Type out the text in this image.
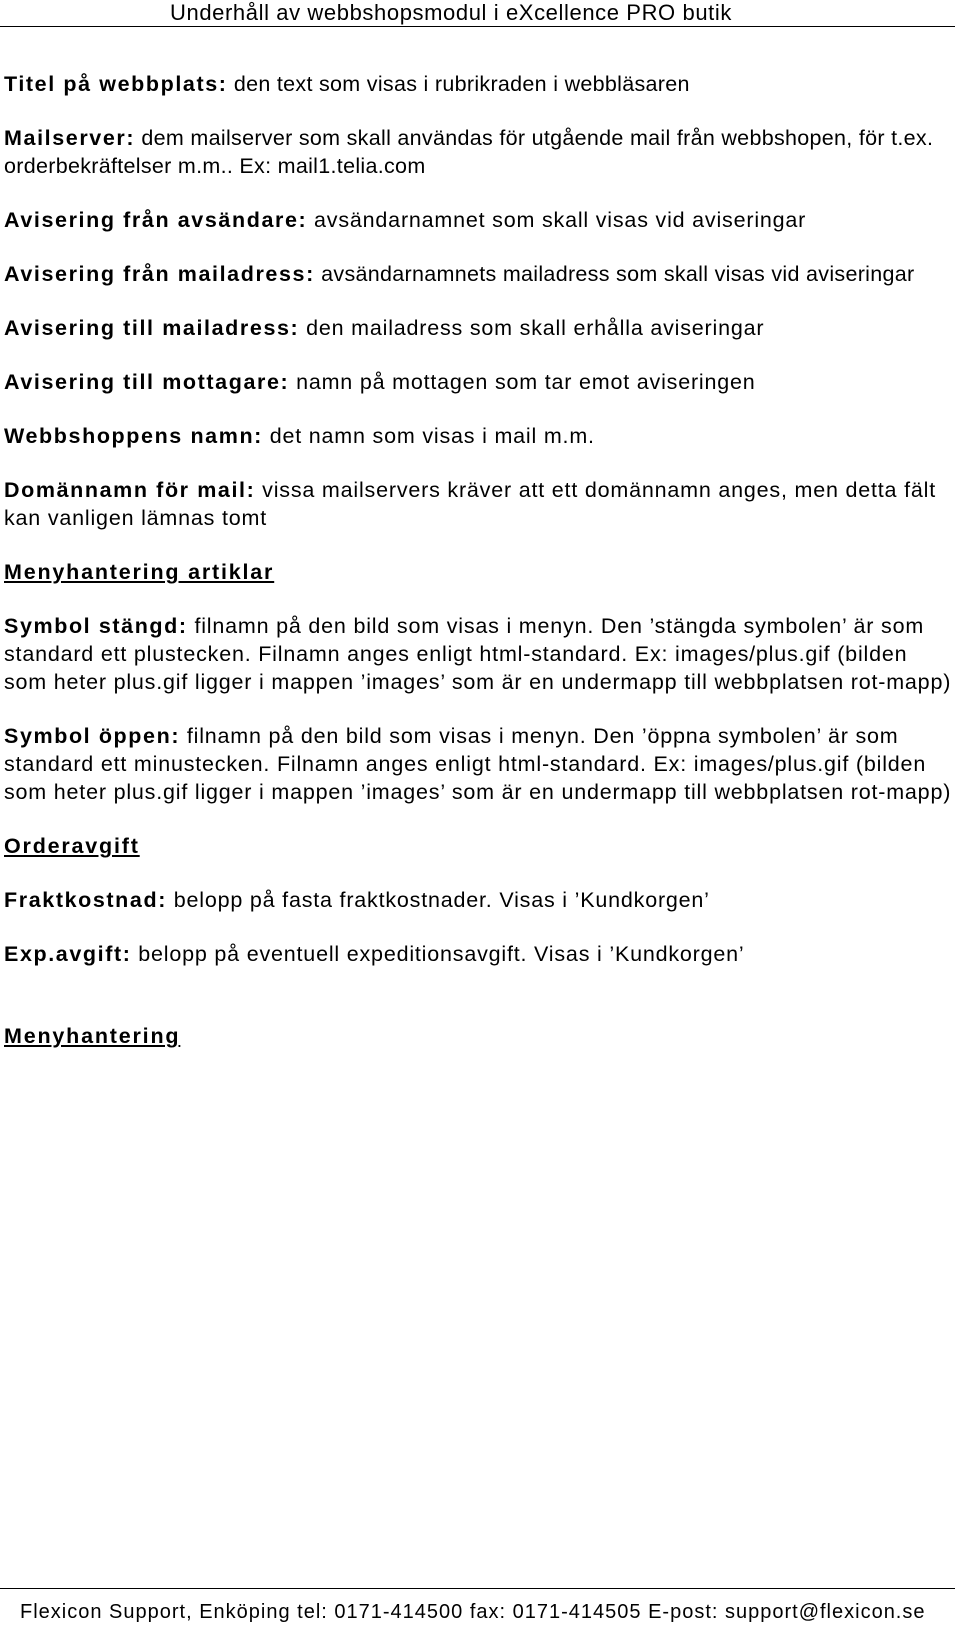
Underhåll av webbshopsmodul i eXcellence PRO butik

Titel på webbplats: den text som visas i rubrikraden i webbläsaren

Mailserver: dem mailserver som skall användas för utgående mail från webbshopen, för t.ex. orderbekräftelser m.m.. Ex: mail1.telia.com

Avisering från avsändare: avsändarnamnet som skall visas vid aviseringar

Avisering från mailadress: avsändarnamnets mailadress som skall visas vid aviseringar

Avisering till mailadress: den mailadress som skall erhålla aviseringar

Avisering till mottagare: namn på mottagen som tar emot aviseringen

Webbshoppens namn: det namn som visas i mail m.m.

Domännamn för mail: vissa mailservers kräver att ett domännamn anges, men detta fält kan vanligen lämnas tomt

Menyhantering artiklar

Symbol stängd: filnamn på den bild som visas i menyn. Den ’stängda symbolen’ är som standard ett plustecken. Filnamn anges enligt html-standard. Ex: images/plus.gif (bilden som heter plus.gif ligger i mappen ’images’ som är en undermapp till webbplatsen rot-mapp)

Symbol öppen: filnamn på den bild som visas i menyn. Den ’öppna symbolen’ är som standard ett minustecken. Filnamn anges enligt html-standard. Ex: images/plus.gif (bilden som heter plus.gif ligger i mappen ’images’ som är en undermapp till webbplatsen rot-mapp)

Orderavgift

Fraktkostnad: belopp på fasta fraktkostnader. Visas i ’Kundkorgen’

Exp.avgift: belopp på eventuell expeditionsavgift. Visas i ’Kundkorgen’

Menyhantering

Flexicon Support, Enköping tel: 0171-414500 fax: 0171-414505 E-post: support@flexicon.se
